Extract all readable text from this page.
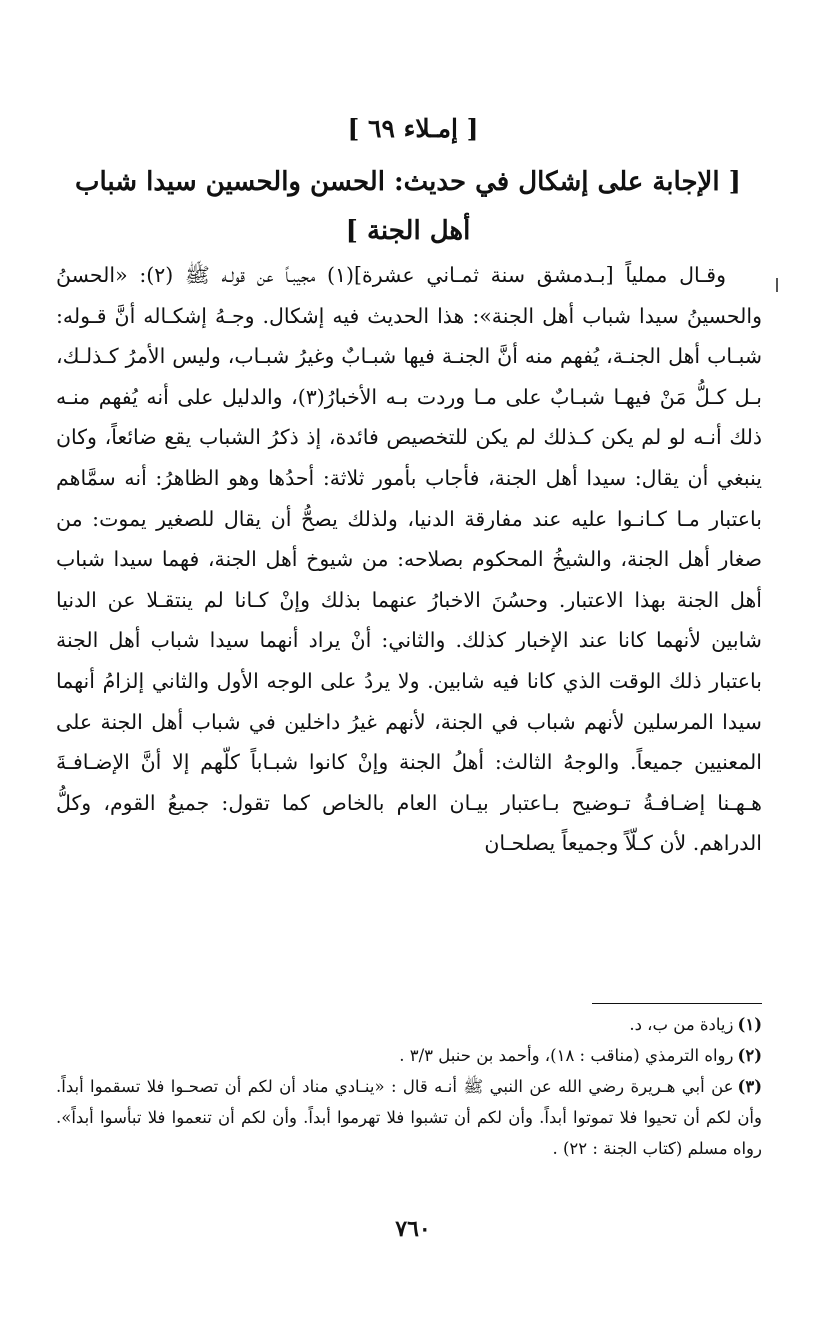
[ إمـلاء ٦٩ ]
[ الإجابة على إشكال في حديث: الحسن والحسين سيدا شباب أهل الجنة ]
وقـال مملياً [بـدمشق سنة ثمـاني عشرة](١) مجيبـاً عن قولـه ﷺ (٢): «الحسنُ والحسينُ سيدا شباب أهل الجنة»: هذا الحديث فيه إشكال. وجـهُ إشكـاله أنَّ قـوله: شبـاب أهل الجنـة، يُفهم منه أنَّ الجنـة فيها شبـابٌ وغيرُ شبـاب، وليس الأمرُ كـذلـك، بـل كـلُّ مَنْ فيهـا شبـابٌ على مـا وردت بـه الأخبارُ(٣)، والدليل على أنه يُفهم منـه ذلك أنـه لو لم يكن كـذلك لم يكن للتخصيص فائدة، إذ ذكرُ الشباب يقع ضائعاً، وكان ينبغي أن يقال: سيدا أهل الجنة، فأجاب بأمور ثلاثة: أحدُها وهو الظاهرُ: أنه سمَّاهم باعتبار مـا كـانـوا عليه عند مفارقة الدنيا، ولذلك يصحُّ أن يقال للصغير يموت: من صغار أهل الجنة، والشيخُ المحكوم بصلاحه: من شيوخ أهل الجنة، فهما سيدا شباب أهل الجنة بهذا الاعتبار. وحسُنَ الاخبارُ عنهما بذلك وإنْ كـانا لم ينتقـلا عن الدنيا شابين لأنهما كانا عند الإخبار كذلك. والثاني: أنْ يراد أنهما سيدا شباب أهل الجنة باعتبار ذلك الوقت الذي كانا فيه شابين. ولا يردُ على الوجه الأول والثاني إلزامُ أنهما سيدا المرسلين لأنهم شباب في الجنة، لأنهم غيرُ داخلين في شباب أهل الجنة على المعنيين جميعاً. والوجهُ الثالث: أهلُ الجنة وإنْ كانوا شبـاباً كلّهم إلا أنَّ الإضـافـةَ هـهـنا إضـافـةُ تـوضيح بـاعتبار بيـان العام بالخاص كما تقول: جميعُ القوم، وكلُّ الدراهم. لأن كـلّاً وجميعاً يصلحـان

(١)زيادة من ب، د.

(٢)رواه الترمذي (مناقب : ١٨)، وأحمد بن حنبل ٣/٣ .

(٣)عن أبي هـريرة رضي الله عن النبي ﷺ أنـه قال : «ينـادي مناد أن لكم أن تصحـوا فلا تسقموا أبداً. وأن لكم أن تحيوا فلا تموتوا أبداً. وأن لكم أن تشبوا فلا تهرموا أبداً. وأن لكم أن تنعموا فلا تبأسوا أبداً». رواه مسلم (كتاب الجنة : ٢٢) .

٧٦٠
